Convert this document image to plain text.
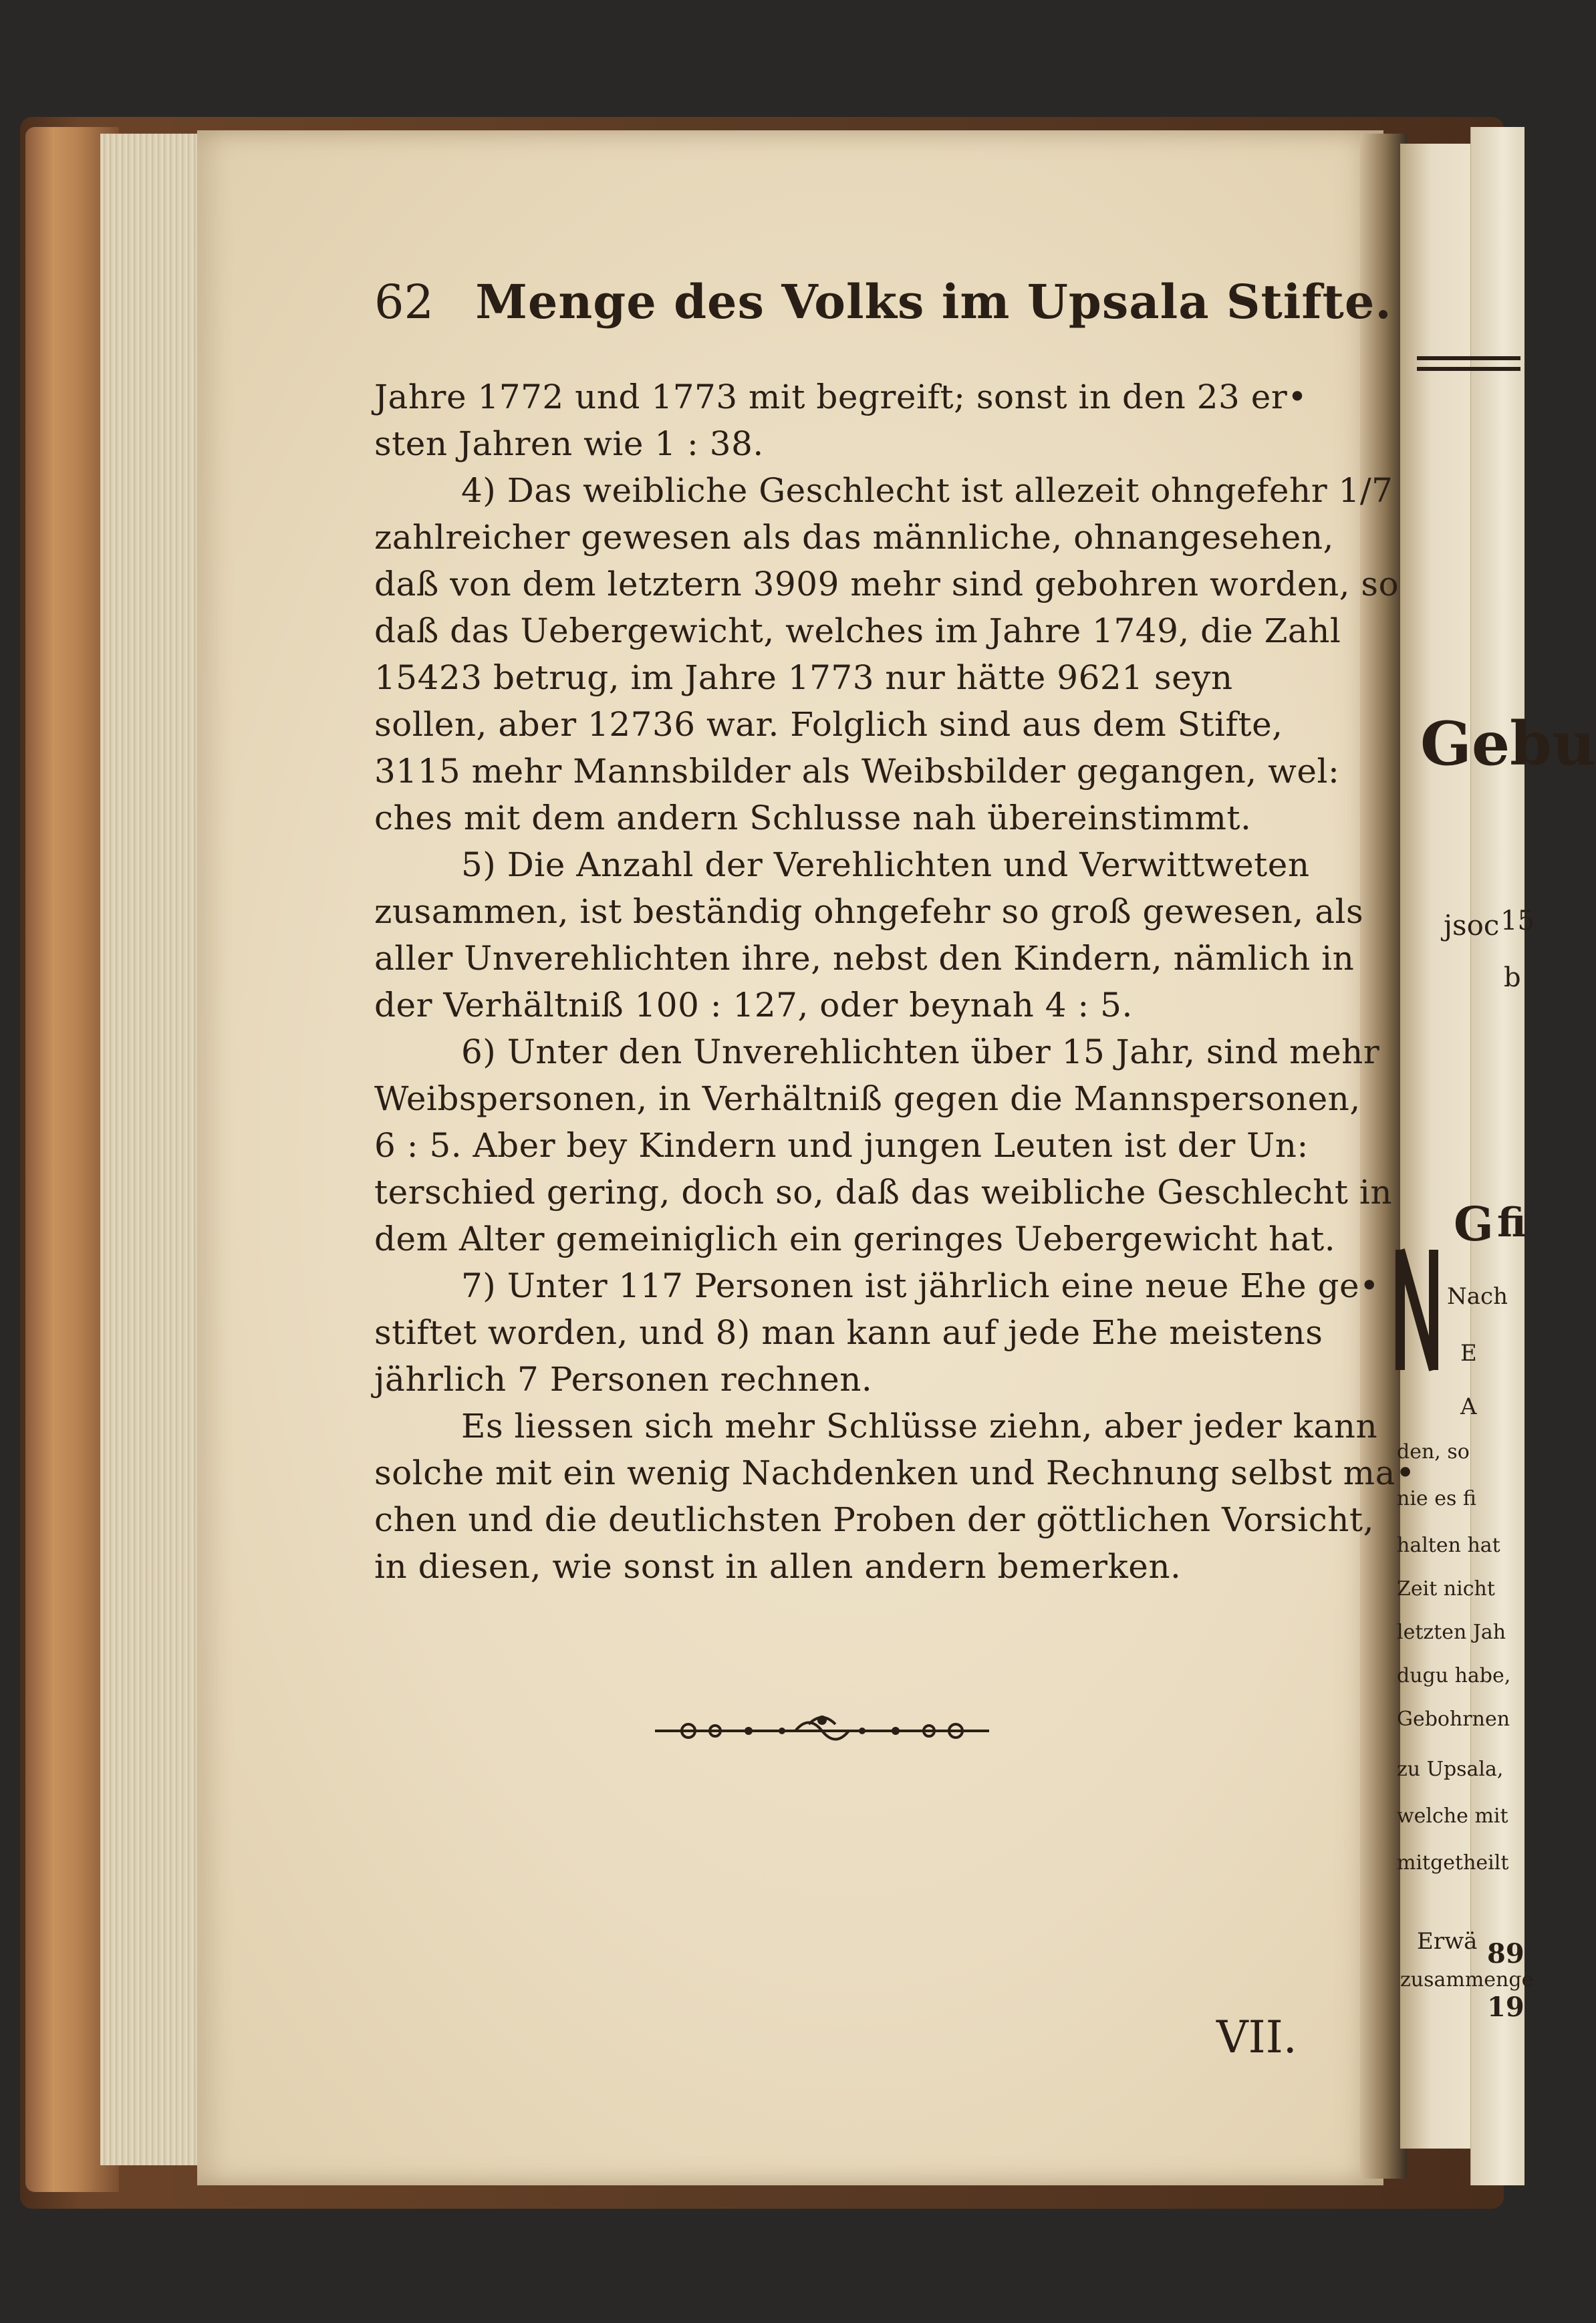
62 Menge des Volks im Upsala Stifte.
Jahre 1772 und 1773 mit begreift; sonst in den 23 er•
sten Jahren wie 1 : 38.
4) Das weibliche Geschlecht ist allezeit ohngefehr 1/7
zahlreicher gewesen als das männliche, ohnangesehen,
daß von dem letztern 3909 mehr sind gebohren worden, so
daß das Uebergewicht, welches im Jahre 1749, die Zahl
15423 betrug, im Jahre 1773 nur hätte 9621 seyn
sollen, aber 12736 war. Folglich sind aus dem Stifte,
3115 mehr Mannsbilder als Weibsbilder gegangen, wel:
ches mit dem andern Schlusse nah übereinstimmt.
5) Die Anzahl der Verehlichten und Verwittweten
zusammen, ist beständig ohngefehr so groß gewesen, als
aller Unverehlichten ihre, nebst den Kindern, nämlich in
der Verhältniß 100 : 127, oder beynah 4 : 5.
6) Unter den Unverehlichten über 15 Jahr, sind mehr
Weibspersonen, in Verhältniß gegen die Mannspersonen,
6 : 5. Aber bey Kindern und jungen Leuten ist der Un:
terschied gering, doch so, daß das weibliche Geschlecht in
dem Alter gemeiniglich ein geringes Uebergewicht hat.
7) Unter 117 Personen ist jährlich eine neue Ehe ge•
stiftet worden, und 8) man kann auf jede Ehe meistens
jährlich 7 Personen rechnen.
Es liessen sich mehr Schlüsse ziehn, aber jeder kann
solche mit ein wenig Nachdenken und Rechnung selbst ma•
chen und die deutlichsten Proben der göttlichen Vorsicht,
in diesen, wie sonst in allen andern bemerken.
VII.
Gebu
jsoc 15
b
G fi
Nach
E
A
den, so
nie es fi
halten hat
Zeit nicht
letzten Jah
dugu habe,
Gebohrnen
zu Upsala,
welche mit
mitgetheilt
Erwä
zusammenge
89
19
